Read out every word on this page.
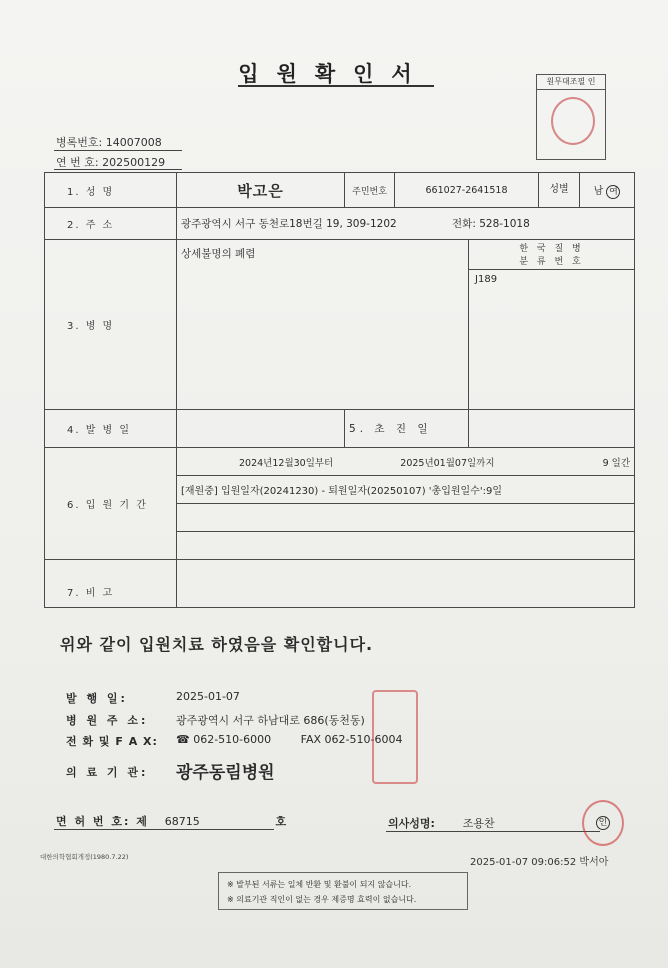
입원확인서	원무대조필 인
병록번호: 14007008
연 번 호: 202500129
1. 성 명	박고은	주민번호	661027-2641518		성별 남 여

2. 주 소	광주광역시 서구 동천로18번길 19, 309-1202 전화: 528-1018				
3. 병 명	상세불명의 폐렴			한 국 질 병
분 류 번 호
J189	

4. 발 병 일		5. 초 진 일			
6. 입 원 기 간	2024년12월30일부터 2025년01월07일까지 9 일간				

	[재원중] 입원일자(20241230) - 퇴원일자(20250107) '총입원일수':9일				

7. 비 고					
위와 같이 입원치료 하였음을 확인합니다.
발 행 일:	2025-01-07
병 원 주 소:	광주광역시 서구 하남대로 686(동천동)
전 화 및 F A X: ☎ 062-510-6000	FAX 062-510-6004
의 료 기 관: 광주동림병원
면 허 번 호: 제 68715	호	의사성명:	조용찬	인
대한의학협회개정(1980.7.22)	2025-01-07 09:06:52 박서아
※ 발부된 서류는 일체 반환 및 환불이 되지 않습니다.
※ 의료기관 직인이 없는 경우 제증명 효력이 없습니다.
